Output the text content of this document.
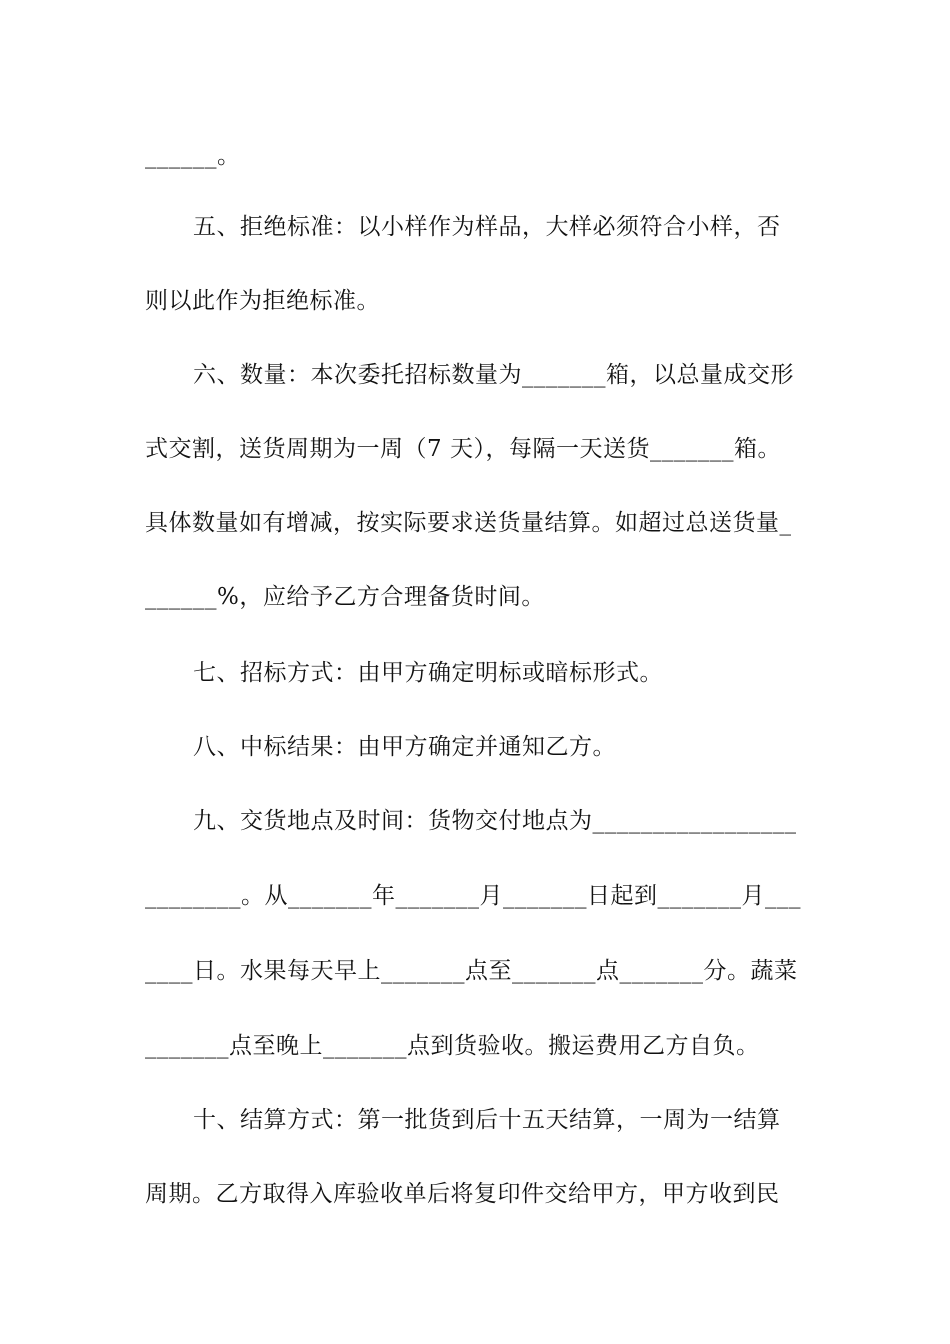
______。
五、拒绝标准：以小样作为样品，大样必须符合小样，否
则以此作为拒绝标准。
六、数量：本次委托招标数量为_______箱，以总量成交形
式交割，送货周期为一周（7 天），每隔一天送货_______箱。
具体数量如有增减，按实际要求送货量结算。如超过总送货量_
______%，应给予乙方合理备货时间。
七、招标方式：由甲方确定明标或暗标形式。
八、中标结果：由甲方确定并通知乙方。
九、交货地点及时间：货物交付地点为_________________
________。从_______年_______月_______日起到_______月___
____日。水果每天早上_______点至_______点_______分。蔬菜
_______点至晚上_______点到货验收。搬运费用乙方自负。
十、结算方式：第一批货到后十五天结算，一周为一结算
周期。乙方取得入库验收单后将复印件交给甲方，甲方收到民
